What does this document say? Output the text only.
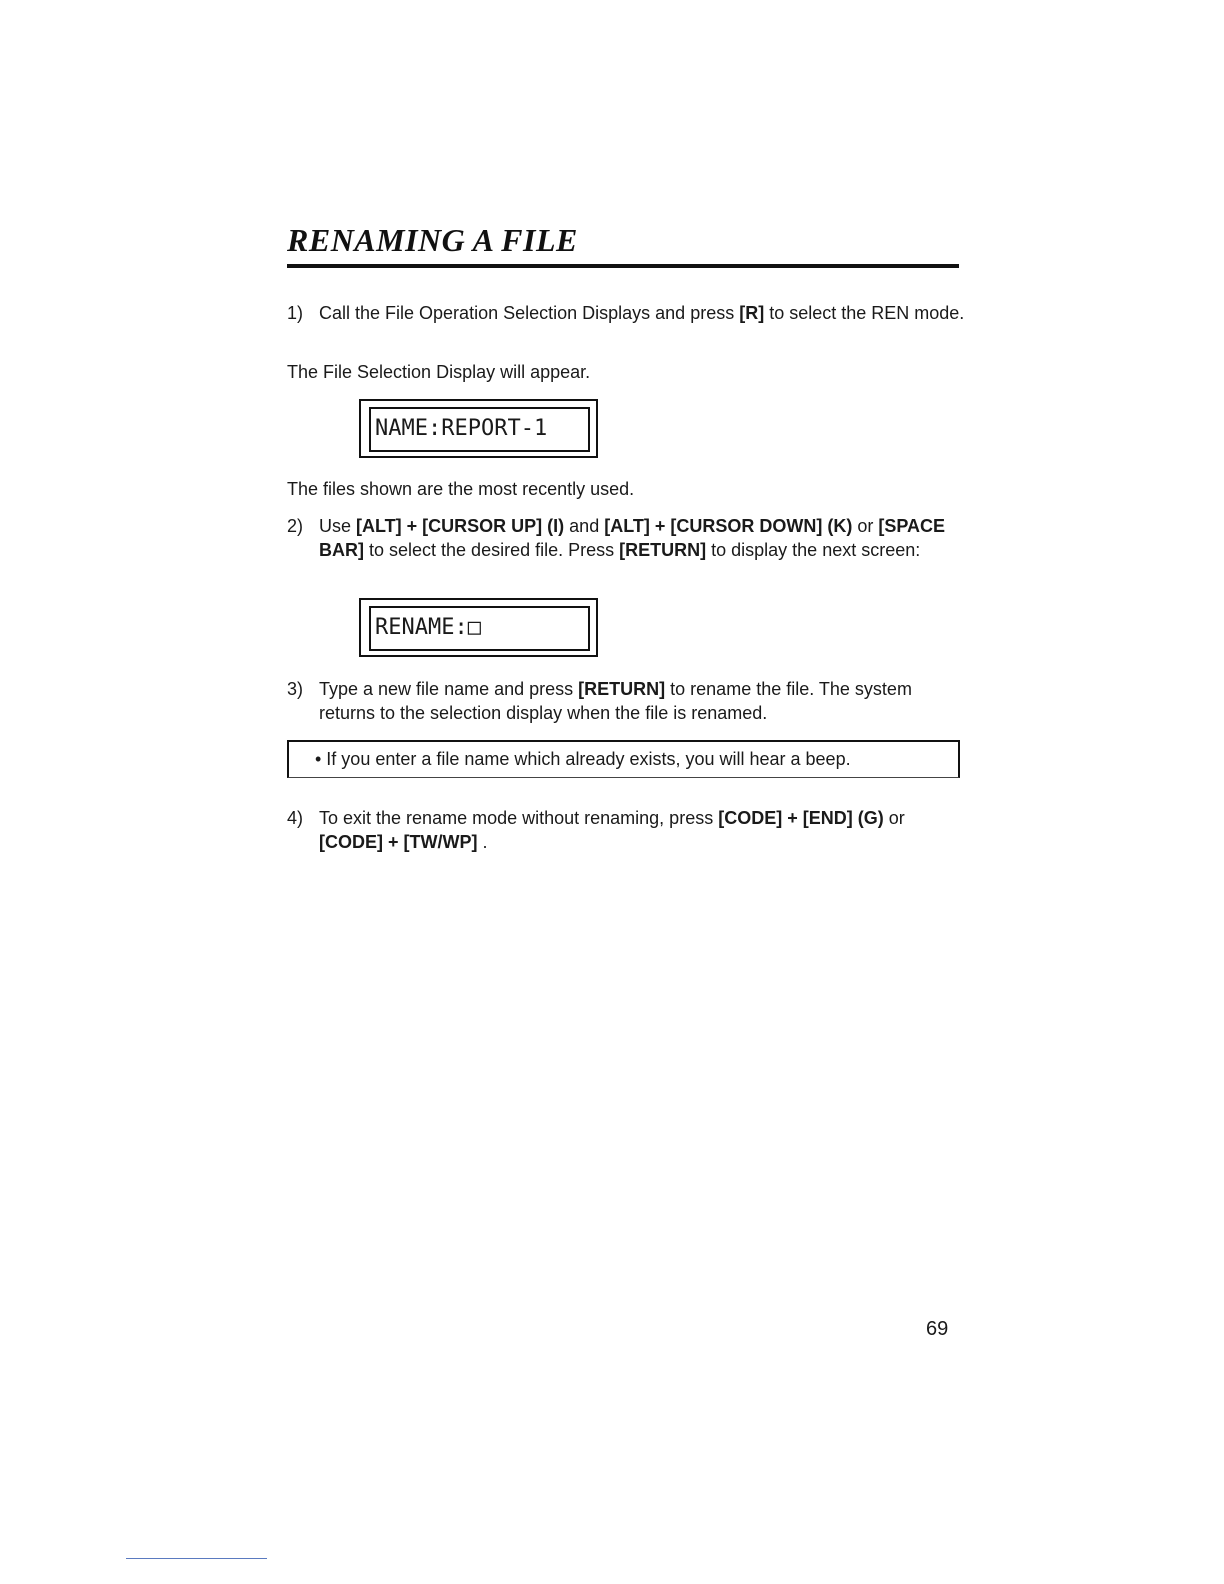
RENAMING A FILE
1) Call the File Operation Selection Displays and press [R] to select the REN mode.

The File Selection Display will appear.

NAME:REPORT-1

The files shown are the most recently used.

2) Use [ALT] + [CURSOR UP] (I) and [ALT] + [CURSOR DOWN] (K) or [SPACE BAR] to select the desired file. Press [RETURN] to display the next screen:
RENAME:□
3) Type a new file name and press [RETURN] to rename the file. The system returns to the selection display when the file is renamed.
• If you enter a file name which already exists, you will hear a beep.
4) To exit the rename mode without renaming, press [CODE] + [END] (G) or [CODE] + [TW/WP] .
69
